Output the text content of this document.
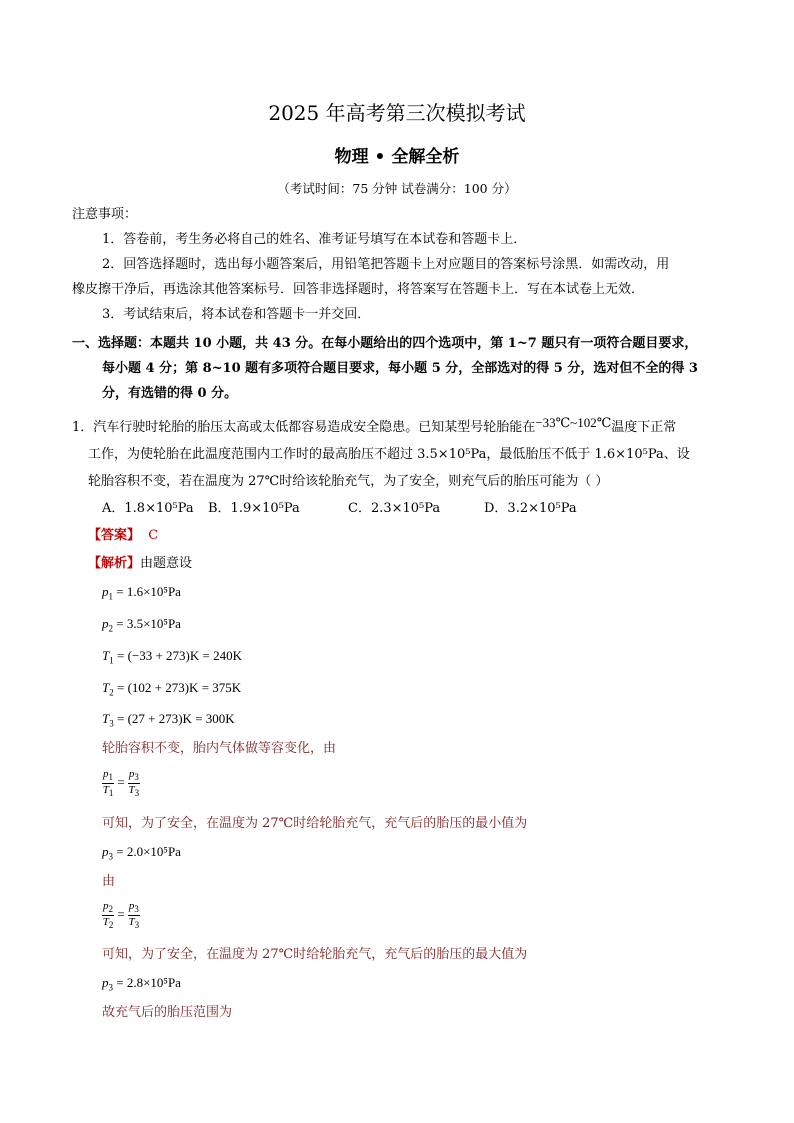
2025 年高考第三次模拟考试
物理 • 全解全析
（考试时间：75 分钟 试卷满分：100 分）
注意事项：
1．答卷前，考生务必将自己的姓名、准考证号填写在本试卷和答题卡上．
2．回答选择题时，选出每小题答案后，用铅笔把答题卡上对应题目的答案标号涂黑．如需改动，用
橡皮擦干净后，再选涂其他答案标号．回答非选择题时，将答案写在答题卡上．写在本试卷上无效．
3．考试结束后，将本试卷和答题卡一并交回．
一、选择题：本题共 10 小题，共 43 分。在每小题给出的四个选项中，第 1~7 题只有一项符合题目要求，
每小题 4 分；第 8~10 题有多项符合题目要求，每小题 5 分，全部选对的得 5 分，选对但不全的得 3
分，有选错的得 0 分。
1．汽车行驶时轮胎的胎压太高或太低都容易造成安全隐患。已知某型号轮胎能在−33℃~102℃温度下正常
工作，为使轮胎在此温度范围内工作时的最高胎压不超过 3.5×10⁵Pa，最低胎压不低于 1.6×10⁵Pa、设
轮胎容积不变，若在温度为 27℃时给该轮胎充气，为了安全，则充气后的胎压可能为（ ）
A．1.8×10⁵Pa B．1.9×10⁵Pa	C．2.3×10⁵Pa	D．3.2×10⁵Pa
【答案】 C
【解析】由题意设
$p_1 = 1.6\times 10^5Pa$
$p_2 = 3.5\times 10^5Pa$
$T_1 = (-33 + 273)K = 240K$
$T_2 = (102 + 273)K = 375K$
$T_3 = (27 + 273)K = 300K$
轮胎容积不变，胎内气体做等容变化，由
$\frac{p_1}{T_1} = \frac{p_3}{T_3}$
可知，为了安全，在温度为 27℃时给轮胎充气，充气后的胎压的最小值为
$p_3 = 2.0\times 10^5Pa$
由
$\frac{p_2}{T_2} = \frac{p_3}{T_3}$
可知，为了安全，在温度为 27℃时给轮胎充气，充气后的胎压的最大值为
$p_3 = 2.8\times 10^5Pa$
故充气后的胎压范围为
